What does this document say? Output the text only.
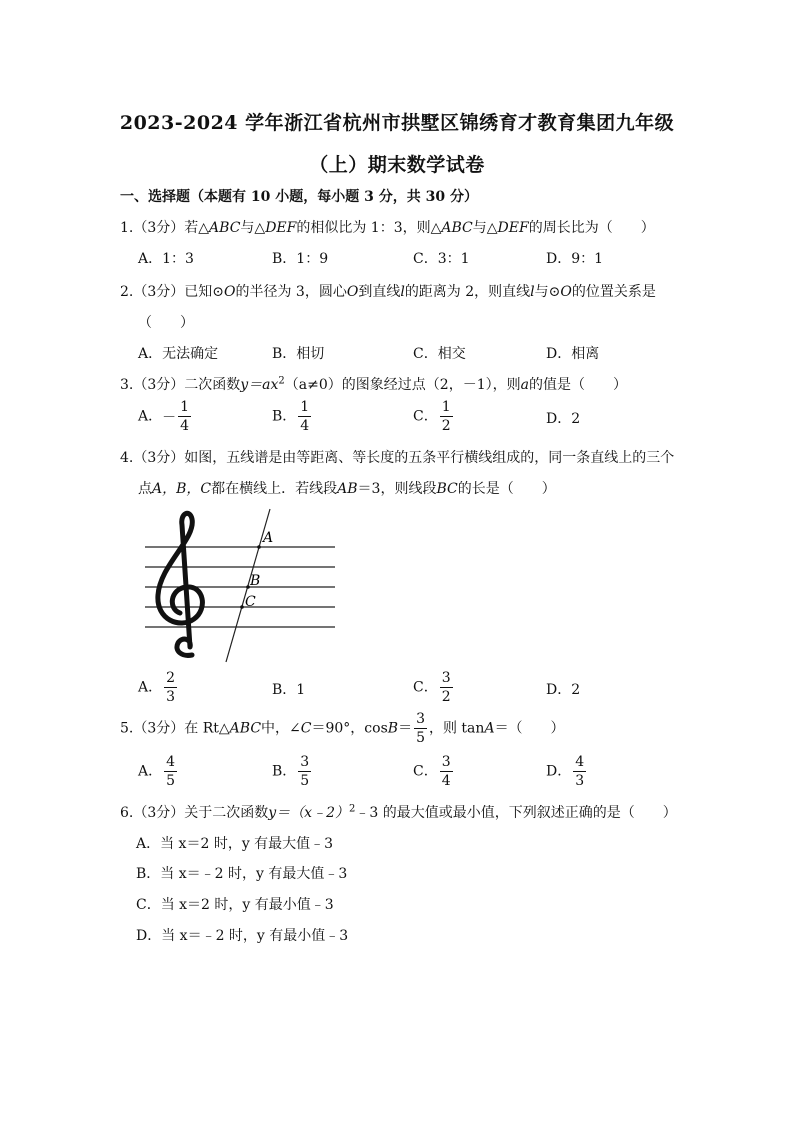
2023-2024 学年浙江省杭州市拱墅区锦绣育才教育集团九年级
（上）期末数学试卷
一、选择题（本题有 10 小题，每小题 3 分，共 30 分）
1.（3分）若△ABC与△DEF的相似比为 1：3，则△ABC与△DEF的周长比为（　　）
A．1：3	B．1：9	C．3：1	D．9：1
2.（3分）已知⊙O的半径为 3，圆心O到直线l的距离为 2，则直线l与⊙O的位置关系是
（　　）
A．无法确定	B．相切	C．相交	D．相离
3.（3分）二次函数$y=ax^2(a\ne 0)$的图象经过点（2，－1），则a的值是（　　）
A．－ $\frac{1}{4}$	B． $\frac{1}{4}$	C． $\frac{1}{2}$	D．2
4.（3分）如图，五线谱是由等距离、等长度的五条平行横线组成的，同一条直线上的三个
点A，B，C都在横线上．若线段AB＝3，则线段BC的长是（　　）
A
B
C
A． $\frac{2}{3}$	B．1	C． $\frac{3}{2}$	D．2
5.（3分）在 Rt△ABC中，∠C＝90°，$\cos B= \frac{3}{5}$ ，则 tanA＝（　　）
A． $\frac{4}{5}$	B． $\frac{3}{5}$	C． $\frac{3}{4}$	D． $\frac{4}{3}$
6.（3分）关于二次函数y＝（x﹣2）$^2$﹣3 的最大值或最小值，下列叙述正确的是（　　）
A．当 x＝2 时，y 有最大值﹣3
B．当 x＝﹣2 时，y 有最大值﹣3
C．当 x＝2 时，y 有最小值﹣3
D．当 x＝﹣2 时，y 有最小值﹣3
